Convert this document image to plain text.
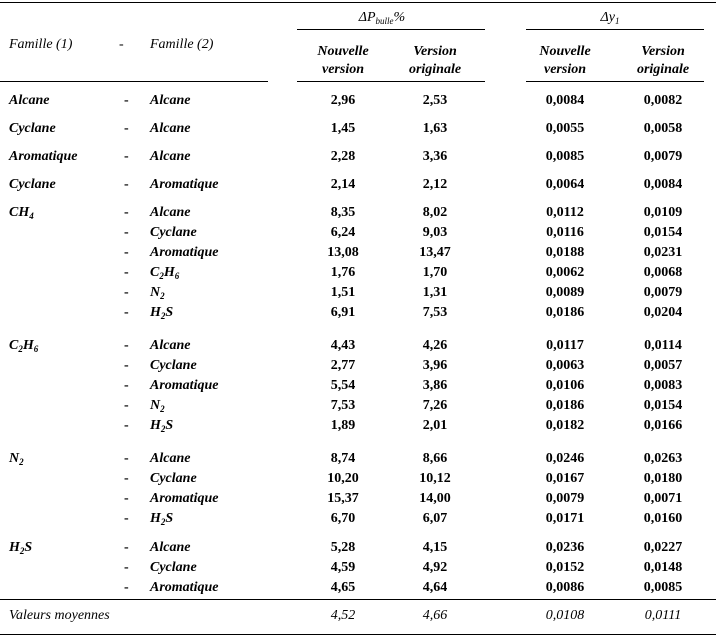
Famille (1)	- Famille (2)
$\Delta P_{bulle}\%$	$\Delta y_1$
Nouvelle
version
Version
originale
Nouvelle
version
Version
originale
Alcane	- Alcane	2,96	2,53	0,0084	0,0082
Cyclane	- Alcane	1,45	1,63	0,0055	0,0058
Aromatique	- Alcane	2,28	3,36	0,0085	0,0079
Cyclane	- Aromatique	2,14	2,12	0,0064	0,0084
$CH_4$	- Alcane	8,35	8,02	0,0112	0,0109
- Cyclane	6,24	9,03	0,0116	0,0154
- Aromatique	13,08	13,47	0,0188	0,0231
- $C_2H_6$	1,76	1,70	0,0062	0,0068
- $N_2$	1,51	1,31	0,0089	0,0079
- $H_2S$	6,91	7,53	0,0186	0,0204
$C_2H_6$	- Alcane	4,43	4,26	0,0117	0,0114
- Cyclane	2,77	3,96	0,0063	0,0057
- Aromatique	5,54	3,86	0,0106	0,0083
- $N_2$	7,53	7,26	0,0186	0,0154
- $H_2S$	1,89	2,01	0,0182	0,0166
$N_2$	- Alcane	8,74	8,66	0,0246	0,0263
- Cyclane	10,20	10,12	0,0167	0,0180
- Aromatique	15,37	14,00	0,0079	0,0071
- $H_2S$	6,70	6,07	0,0171	0,0160
$H_2S$	- Alcane	5,28	4,15	0,0236	0,0227
- Cyclane	4,59	4,92	0,0152	0,0148
- Aromatique	4,65	4,64	0,0086	0,0085
Valeurs moyennes	4,52	4,66	0,0108	0,0111
